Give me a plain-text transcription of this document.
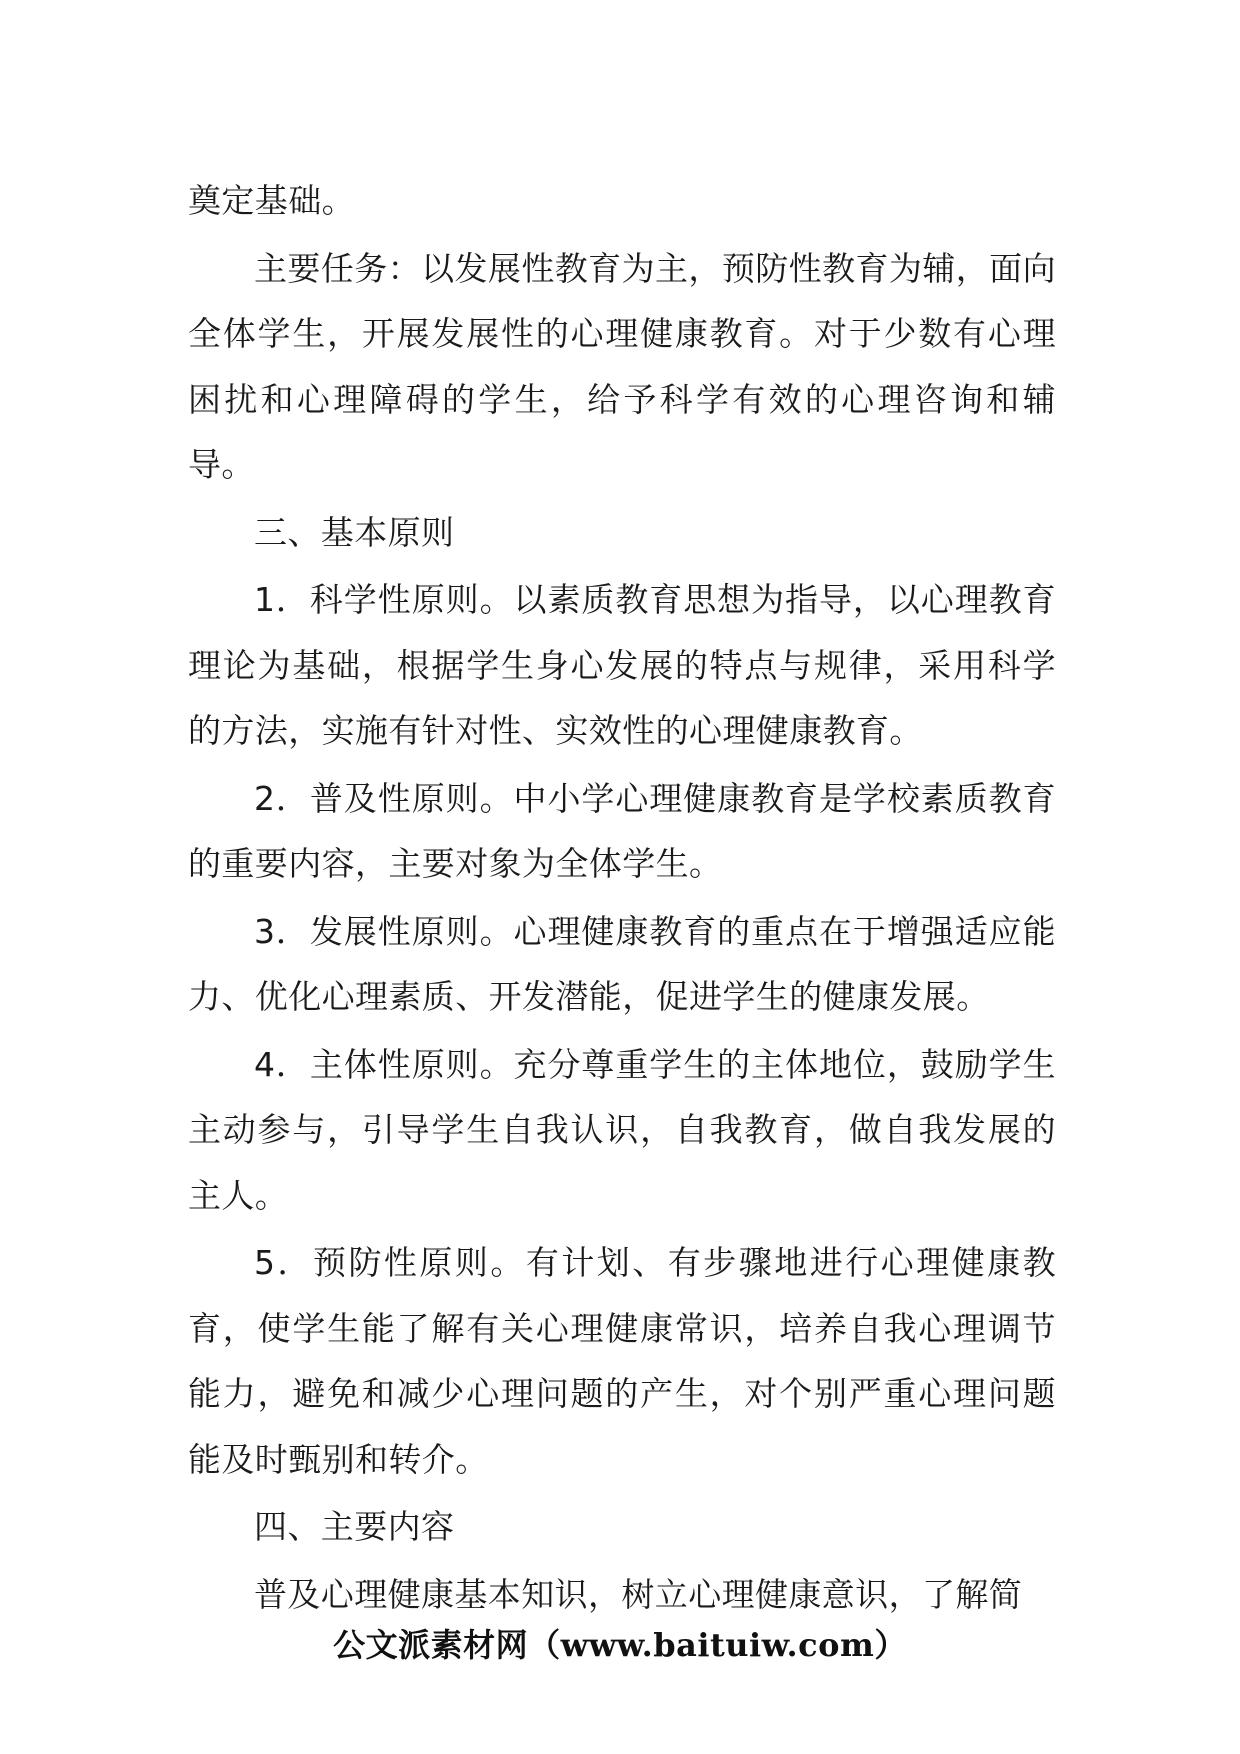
奠定基础。

主要任务：以发展性教育为主，预防性教育为辅，面向全体学生，开展发展性的心理健康教育。对于少数有心理困扰和心理障碍的学生，给予科学有效的心理咨询和辅导。

三、基本原则

1．科学性原则。以素质教育思想为指导，以心理教育理论为基础，根据学生身心发展的特点与规律，采用科学的方法，实施有针对性、实效性的心理健康教育。

2．普及性原则。中小学心理健康教育是学校素质教育的重要内容，主要对象为全体学生。

3．发展性原则。心理健康教育的重点在于增强适应能力、优化心理素质、开发潜能，促进学生的健康发展。

4．主体性原则。充分尊重学生的主体地位，鼓励学生主动参与，引导学生自我认识，自我教育，做自我发展的主人。

5．预防性原则。有计划、有步骤地进行心理健康教育，使学生能了解有关心理健康常识，培养自我心理调节能力，避免和减少心理问题的产生，对个别严重心理问题能及时甄别和转介。

四、主要内容

普及心理健康基本知识，树立心理健康意识，了解简

公文派素材网（www.baituiw.com）
